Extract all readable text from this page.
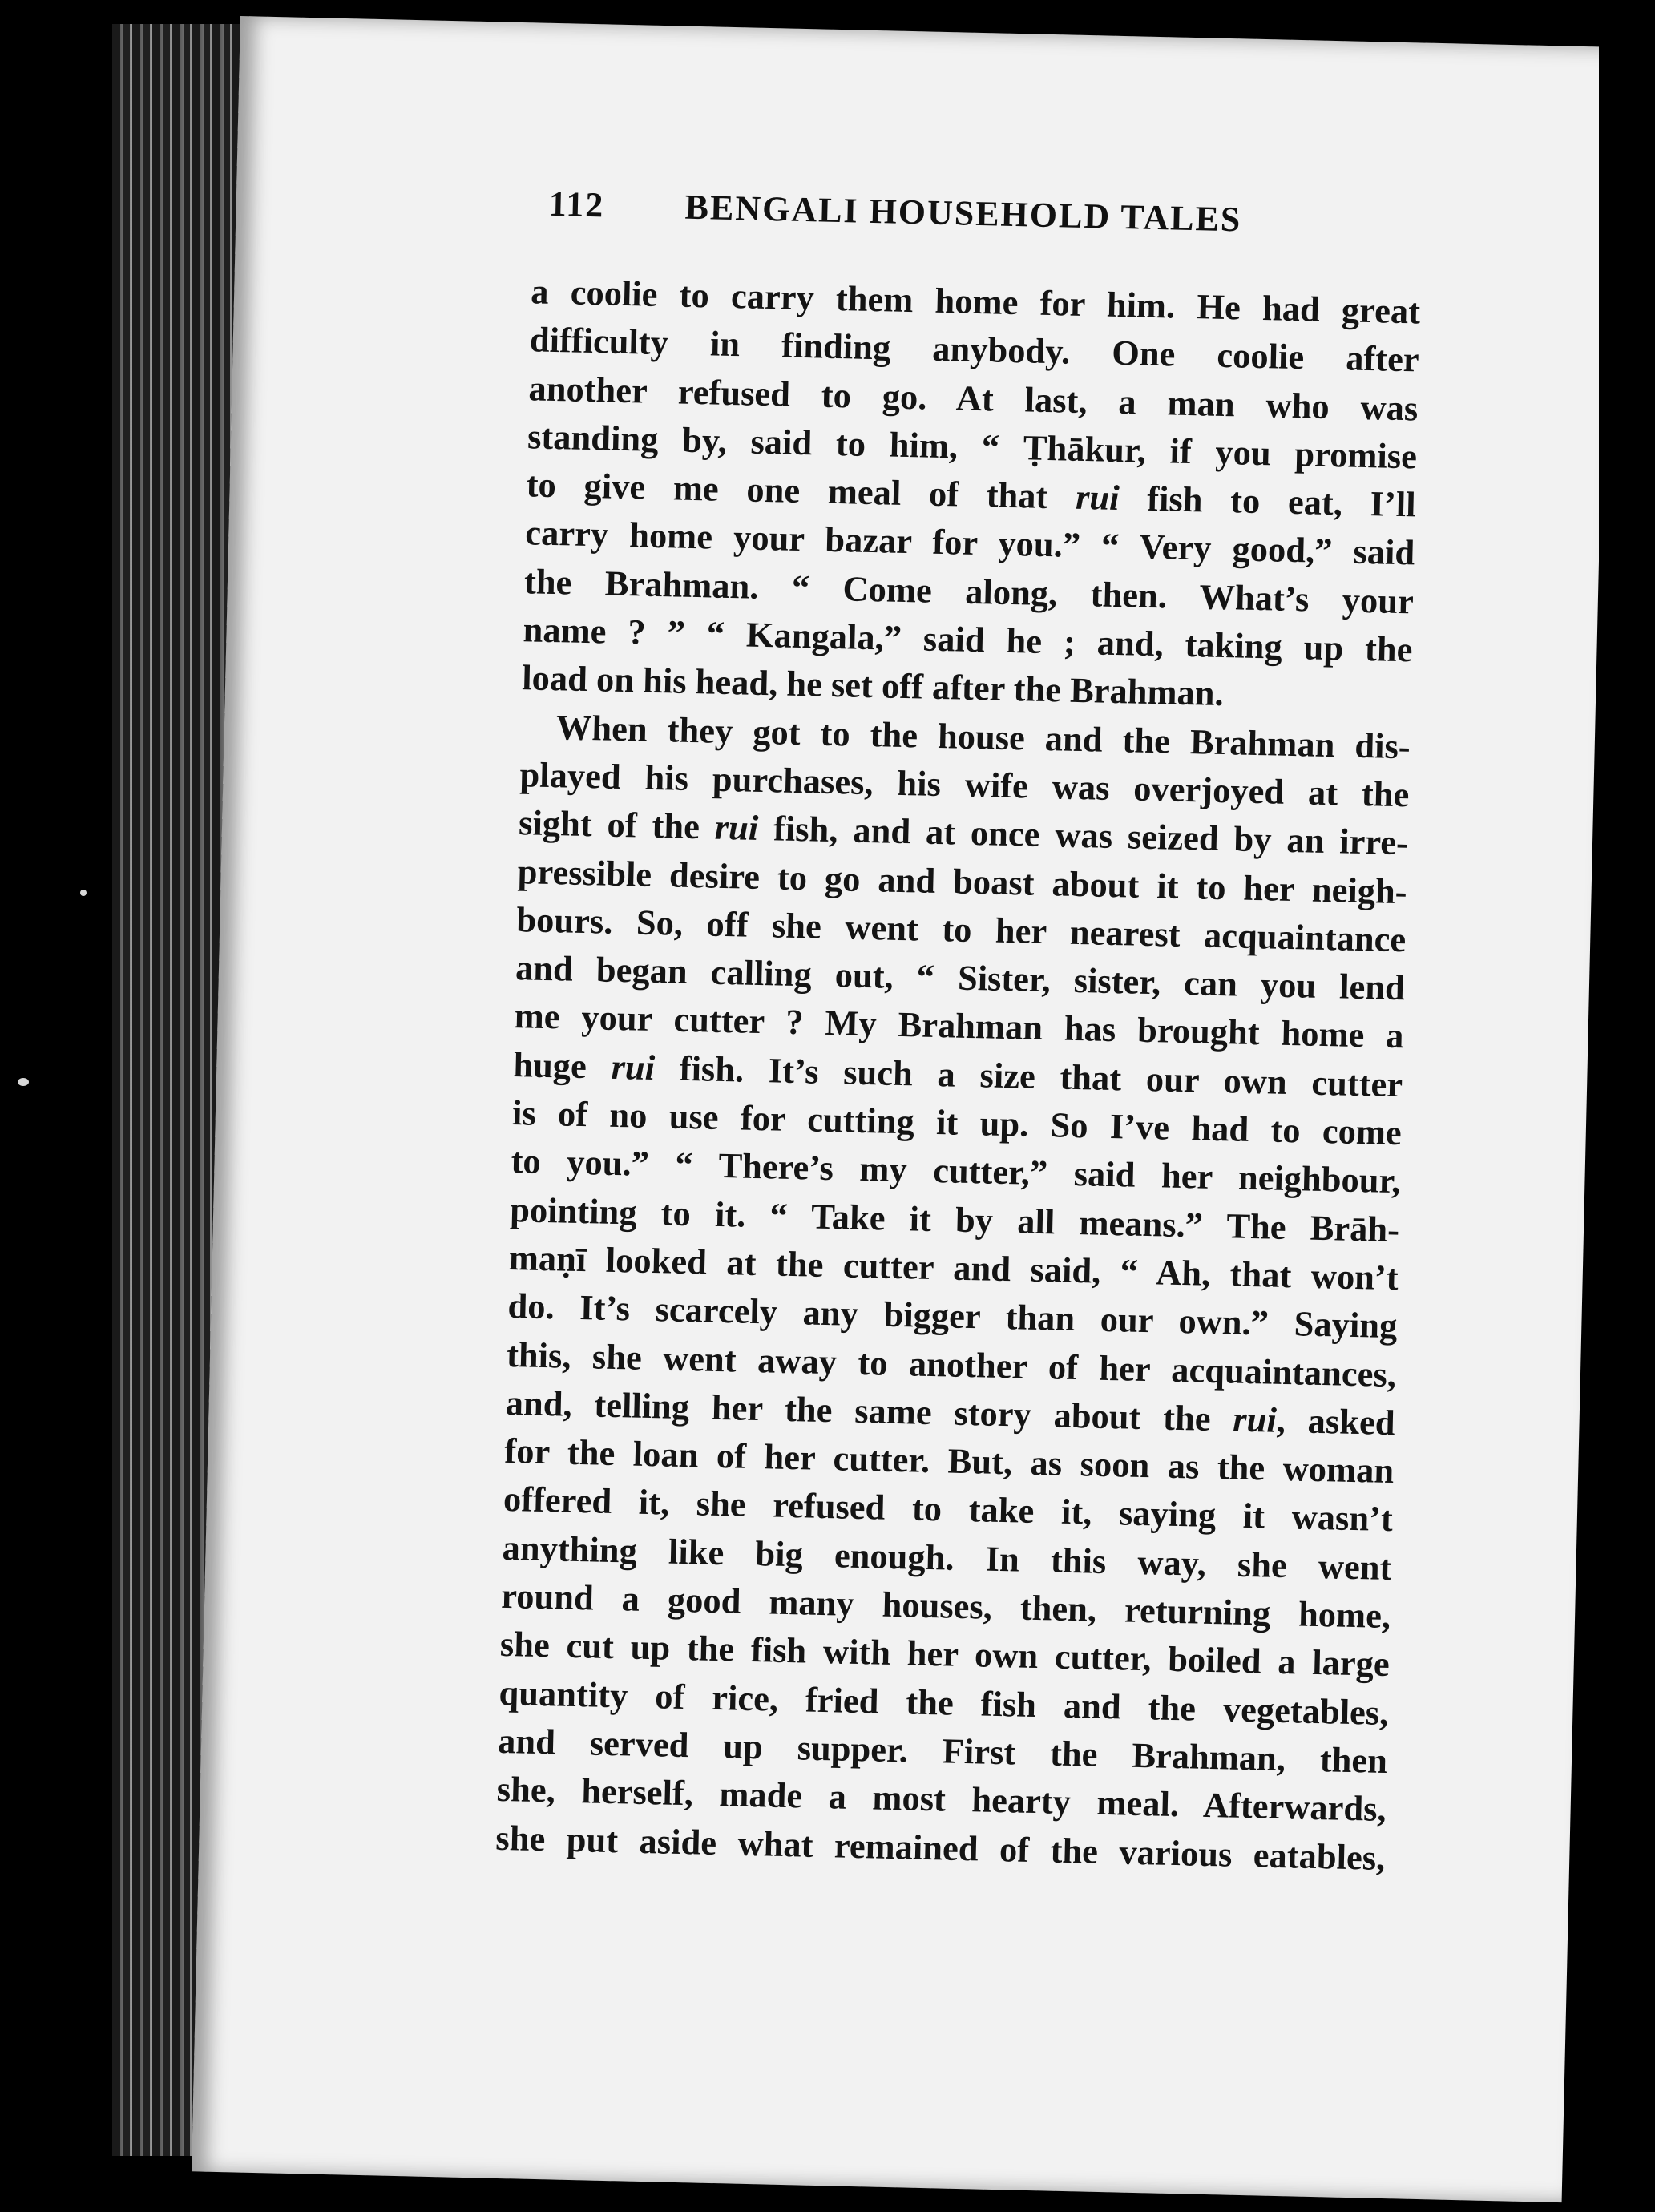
112	BENGALI HOUSEHOLD TALES
a coolie to carry them home for him. He had great
difficulty in finding anybody. One coolie after
another refused to go. At last, a man who was
standing by, said to him, “ Ṭhākur, if you promise
to give me one meal of that rui fish to eat, I’ll
carry home your bazar for you.” “ Very good,” said
the Brahman. “ Come along, then. What’s your
name ? ” “ Kangala,” said he ; and, taking up the
load on his head, he set off after the Brahman.
When they got to the house and the Brahman dis-
played his purchases, his wife was overjoyed at the
sight of the rui fish, and at once was seized by an irre-
pressible desire to go and boast about it to her neigh-
bours. So, off she went to her nearest acquaintance
and began calling out, “ Sister, sister, can you lend
me your cutter ? My Brahman has brought home a
huge rui fish. It’s such a size that our own cutter
is of no use for cutting it up. So I’ve had to come
to you.” “ There’s my cutter,” said her neighbour,
pointing to it. “ Take it by all means.” The Brāh-
maṇī looked at the cutter and said, “ Ah, that won’t
do. It’s scarcely any bigger than our own.” Saying
this, she went away to another of her acquaintances,
and, telling her the same story about the rui, asked
for the loan of her cutter. But, as soon as the woman
offered it, she refused to take it, saying it wasn’t
anything like big enough. In this way, she went
round a good many houses, then, returning home,
she cut up the fish with her own cutter, boiled a large
quantity of rice, fried the fish and the vegetables,
and served up supper. First the Brahman, then
she, herself, made a most hearty meal. Afterwards,
she put aside what remained of the various eatables,
